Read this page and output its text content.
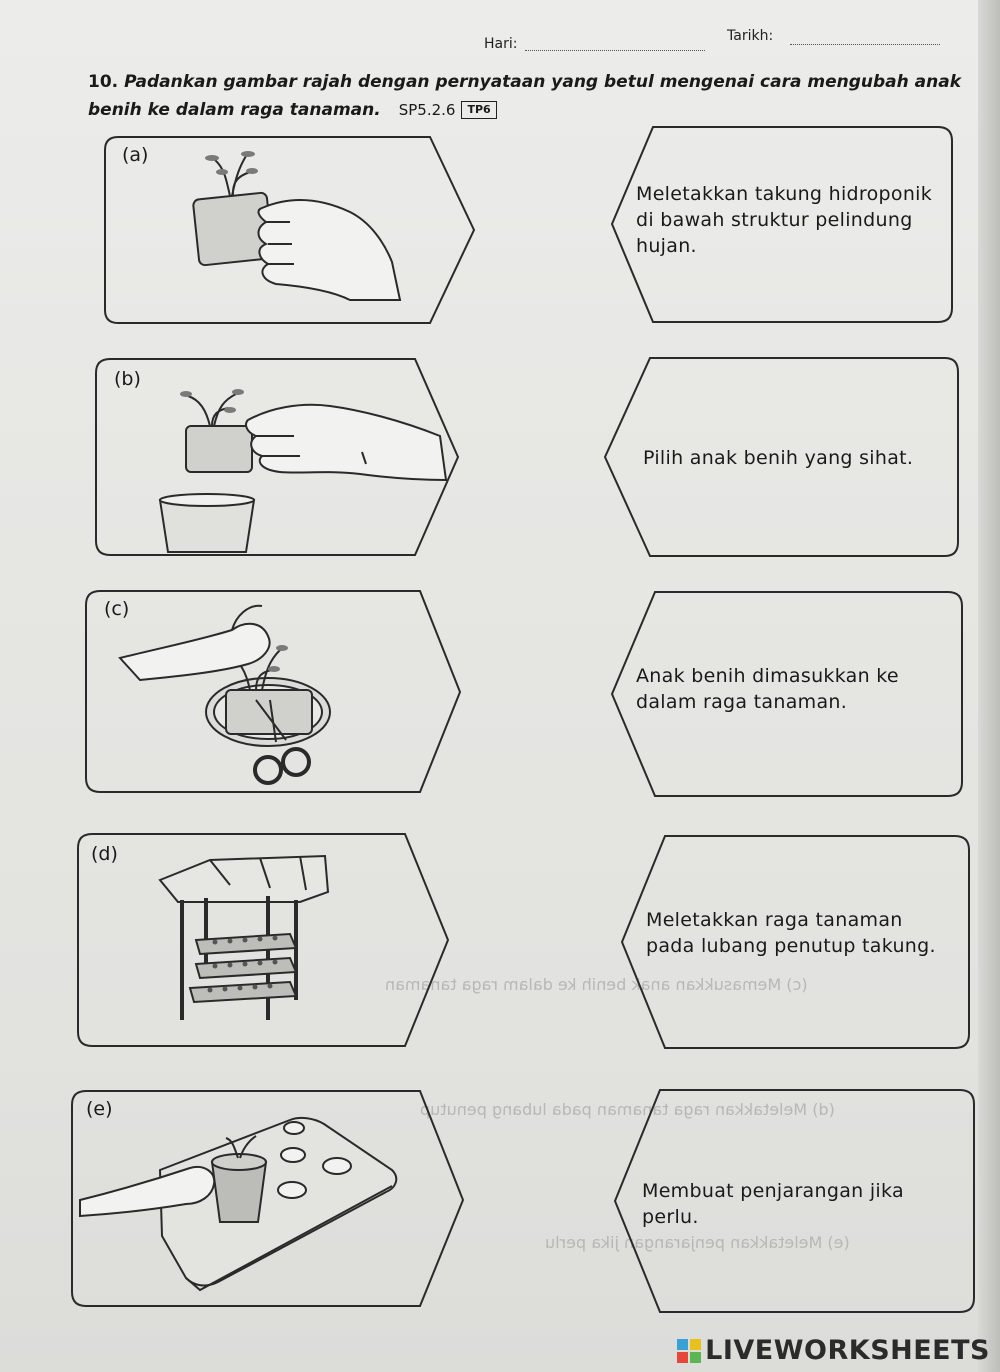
(c) Memasukkan anak benih ke dalam raga tanaman
(d) Meletakkan raga tanaman pada lubang penutup
(e) Meletakkan penjarangan jika perlu
Hari:	Tarikh:
10. Padankan gambar rajah dengan pernyataan yang betul mengenai cara mengubah anak benih ke dalam raga tanaman. SP5.2.6 TP6
(a)
(b)
(c)
(d)
(e)
Meletakkan takung hidroponik di bawah struktur pelindung hujan.
Pilih anak benih yang sihat.
Anak benih dimasukkan ke dalam raga tanaman.
Meletakkan raga tanaman pada lubang penutup takung.
Membuat penjarangan jika perlu.
LIVEWORKSHEETS
